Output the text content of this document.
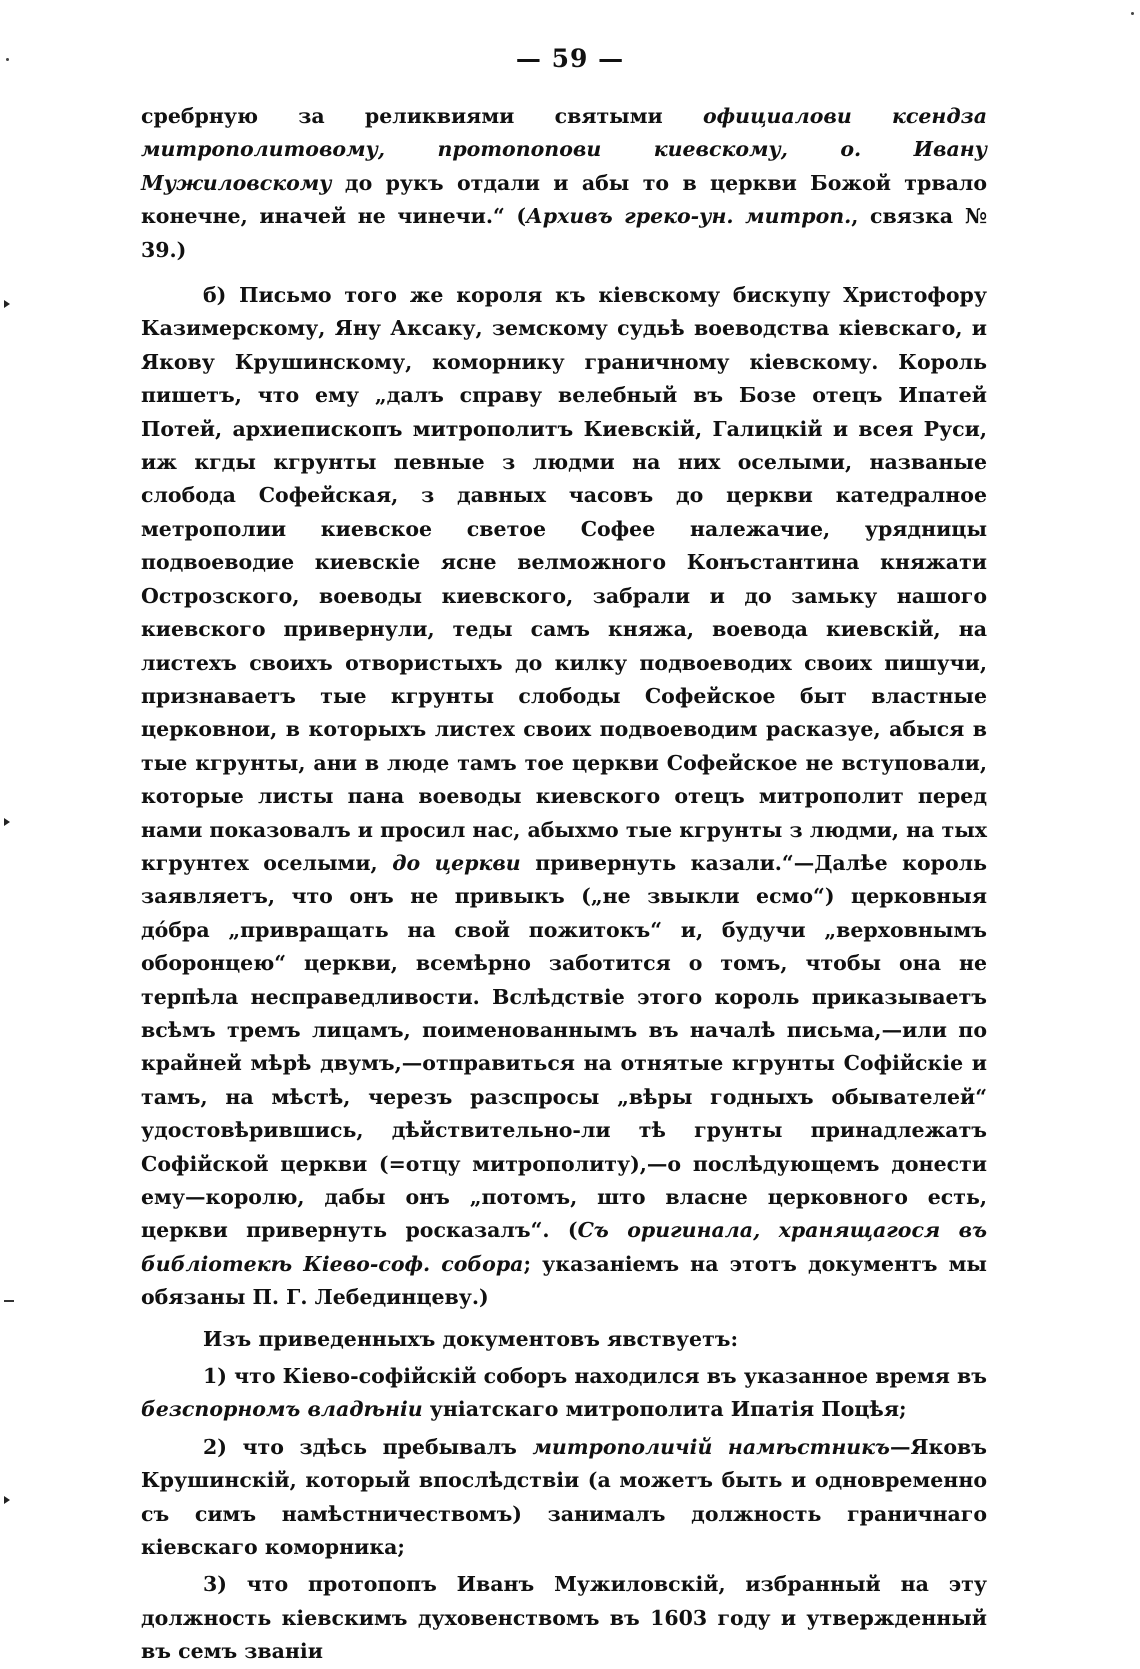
— 59 —

сребрную за реликвиями святыми официалови ксендза митрополитовому, протопопови киевскому, о. Ивану Мужиловскому до рукъ отдали и абы то в церкви Божой трвало конечне, иначей не чинечи.“ (Архивъ греко-ун. митроп., связка № 39.)

б) Письмо того же короля къ кіевскому бискупу Христофору Казимерскому, Яну Аксаку, земскому судьѣ воеводства кіевскаго, и Якову Крушинскому, коморнику граничному кіевскому. Король пишетъ, что ему „далъ справу велебный въ Бозе отецъ Ипатей Потей, архиепископъ митрополитъ Киевскій, Галицкій и всея Руси, иж кгды кгрунты певные з людми на них оселыми, названые слобода Софейская, з давных часовъ до церкви катедралное метрополии киевское светое Софее належачие, урядницы подвоеводие киевскіе ясне велможного Конъстантина княжати Острозского, воеводы киевского, забрали и до замьку нашого киевского привернули, теды самъ княжа, воевода киевскій, на листехъ своихъ отвористыхъ до килку подвоеводих своих пишучи, признаваетъ тые кгрунты слободы Софейское быт властные церковнои, в которыхъ листех своих подвоеводим расказуе, абыся в тые кгрунты, ани в люде тамъ тое церкви Софейское не вступовали, которые листы пана воеводы киевского отецъ митрополит перед нами показовалъ и просил нас, абыхмо тые кгрунты з людми, на тых кгрунтех оселыми, до церкви привернуть казали.“—Далѣе король заявляетъ, что онъ не привыкъ („не звыкли есмо“) церковныя дóбра „привращать на свой пожитокъ“ и, будучи „верховнымъ оборонцею“ церкви, всемѣрно заботится о томъ, чтобы она не терпѣла несправедливости. Вслѣдствіе этого король приказываетъ всѣмъ тремъ лицамъ, поименованнымъ въ началѣ письма,—или по крайней мѣрѣ двумъ,—отправиться на отнятые кгрунты Софійскіе и тамъ, на мѣстѣ, черезъ разспросы „вѣры годныхъ обывателей“ удостовѣрившись, дѣйствительно-ли тѣ грунты принадлежатъ Софійской церкви (=отцу митрополиту),—о послѣдующемъ донести ему—королю, дабы онъ „потомъ, што власне церковного есть, церкви привернуть росказалъ“. (Съ оригинала, хранящагося въ библіотекѣ Кіево-соф. собора; указаніемъ на этотъ документъ мы обязаны П. Г. Лебединцеву.)

Изъ приведенныхъ документовъ явствуетъ:

1) что Кіево-софійскій соборъ находился въ указанное время въ безспорномъ владѣніи уніатскаго митрополита Ипатія Поцѣя;

2) что здѣсь пребывалъ митрополичій намѣстникъ—Яковъ Крушинскій, который впослѣдствіи (а можетъ быть и одновременно съ симъ намѣстничествомъ) занималъ должность граничнаго кіевскаго коморника;

3) что протопопъ Иванъ Мужиловскій, избранный на эту должность кіевскимъ духовенствомъ въ 1603 году и утвержденный въ семъ званіи
